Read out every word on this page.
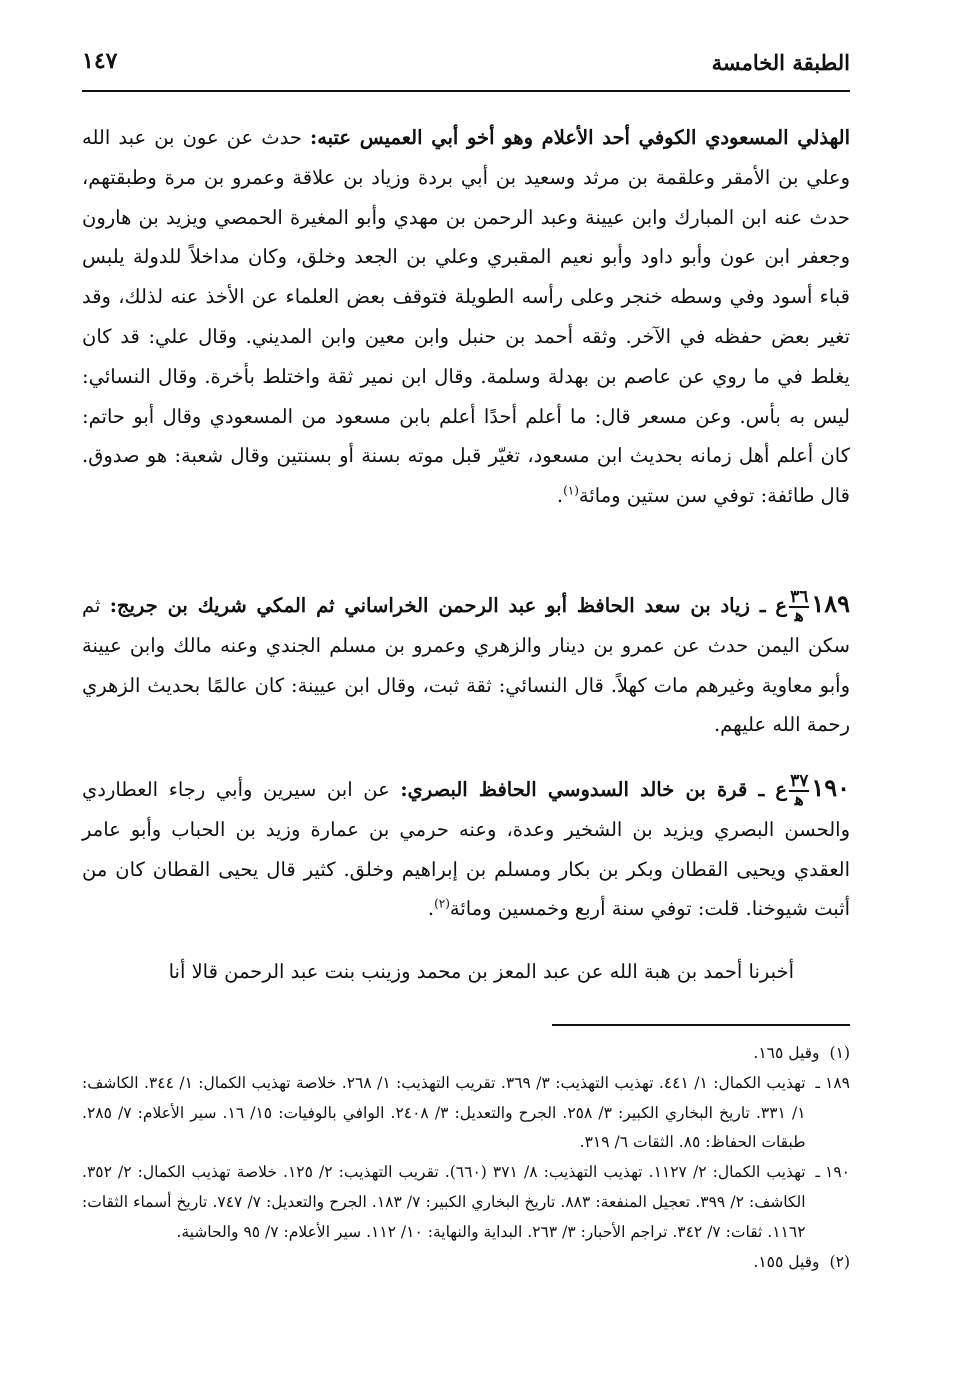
الطبقة الخامسة
١٤٧

الهذلي المسعودي الكوفي أحد الأعلام وهو أخو أبي العميس عتبه: حدث عن عون بن عبد الله وعلي بن الأمقر وعلقمة بن مرثد وسعيد بن أبي بردة وزياد بن علاقة وعمرو بن مرة وطبقتهم، حدث عنه ابن المبارك وابن عيينة وعبد الرحمن بن مهدي وأبو المغيرة الحمصي ويزيد بن هارون وجعفر ابن عون وأبو داود وأبو نعيم المقبري وعلي بن الجعد وخلق، وكان مداخلاً للدولة يلبس قباء أسود وفي وسطه خنجر وعلى رأسه الطويلة فتوقف بعض العلماء عن الأخذ عنه لذلك، وقد تغير بعض حفظه في الآخر. وثقه أحمد بن حنبل وابن معين وابن المديني. وقال علي: قد كان يغلط في ما روي عن عاصم بن بهدلة وسلمة. وقال ابن نمير ثقة واختلط بأخرة. وقال النسائي: ليس به بأس. وعن مسعر قال: ما أعلم أحدًا أعلم بابن مسعود من المسعودي وقال أبو حاتم: كان أعلم أهل زمانه بحديث ابن مسعود، تغيّر قبل موته بسنة أو بسنتين وقال شعبة: هو صدوق. قال طائفة: توفي سن ستين ومائة$^{(١)}$.

١٨٩
$\frac{٣٦}{\text{ﻫ}}$
ع ـ زياد بن سعد الحافظ أبو عبد الرحمن الخراساني ثم المكي شريك بن جريج: ثم سكن اليمن حدث عن عمرو بن دينار والزهري وعمرو بن مسلم الجندي وعنه مالك وابن عيينة وأبو معاوية وغيرهم مات كهلاً. قال النسائي: ثقة ثبت، وقال ابن عيينة: كان عالمًا بحديث الزهري رحمة الله عليهم.

١٩٠
$\frac{٣٧}{\text{ﻫ}}$
ع ـ قرة بن خالد السدوسي الحافظ البصري: عن ابن سيرين وأبي رجاء العطاردي والحسن البصري ويزيد بن الشخير وعدة، وعنه حرمي بن عمارة وزيد بن الحباب وأبو عامر العقدي ويحيى القطان وبكر بن بكار ومسلم بن إبراهيم وخلق. كثير قال يحيى القطان كان من أثبت شيوخنا. قلت: توفي سنة أربع وخمسين ومائة$^{(٢)}$.

أخبرنا أحمد بن هبة الله عن عبد المعز بن محمد وزينب بنت عبد الرحمن قالا أنا

(١)
وقيل ١٦٥.
١٨٩ ـ
تهذيب الكمال: ١/ ٤٤١. تهذيب التهذيب: ٣/ ٣٦٩. تقريب التهذيب: ١/ ٢٦٨. خلاصة تهذيب الكمال: ١/ ٣٤٤. الكاشف: ١/ ٣٣١. تاريخ البخاري الكبير: ٣/ ٢٥٨. الجرح والتعديل: ٣/ ٢٤٠٨. الوافي بالوفيات: ١٥/ ١٦. سير الأعلام: ٧/ ٢٨٥. طبقات الحفاظ: ٨٥. الثقات ٦/ ٣١٩.
١٩٠ ـ
تهذيب الكمال: ٢/ ١١٢٧. تهذيب التهذيب: ٨/ ٣٧١ (٦٦٠). تقريب التهذيب: ٢/ ١٢٥. خلاصة تهذيب الكمال: ٢/ ٣٥٢. الكاشف: ٢/ ٣٩٩. تعجيل المنفعة: ٨٨٣. تاريخ البخاري الكبير: ٧/ ١٨٣. الجرح والتعديل: ٧/ ٧٤٧. تاريخ أسماء الثقات: ١١٦٢. ثقات: ٧/ ٣٤٢. تراجم الأحبار: ٣/ ٢٦٣. البداية والنهاية: ١٠/ ١١٢. سير الأعلام: ٧/ ٩٥ والحاشية.
(٢)
وقيل ١٥٥.
